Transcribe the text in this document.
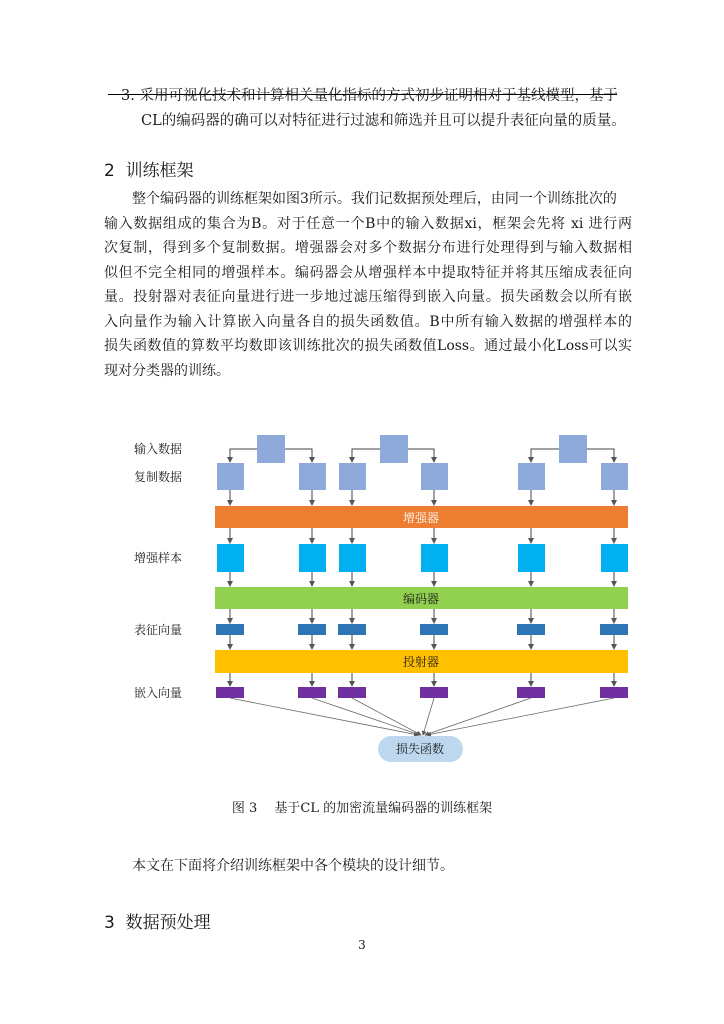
3. 采用可视化技术和计算相关量化指标的方式初步证明相对于基线模型，基于
CL的编码器的确可以对特征进行过滤和筛选并且可以提升表征向量的质量。
2 训练框架

整个编码器的训练框架如图3所示。我们记数据预处理后，由同一个训练批次的

输入数据组成的集合为B。对于任意一个B中的输入数据xi，框架会先将 xi 进行两

次复制，得到多个复制数据。增强器会对多个数据分布进行处理得到与输入数据相

似但不完全相同的增强样本。编码器会从增强样本中提取特征并将其压缩成表征向

量。投射器对表征向量进行进一步地过滤压缩得到嵌入向量。损失函数会以所有嵌

入向量作为输入计算嵌入向量各自的损失函数值。B中所有输入数据的增强样本的

损失函数值的算数平均数即该训练批次的损失函数值Loss。通过最小化Loss可以实

现对分类器的训练。

输入数据
复制数据
增强样本
表征向量
嵌入向量
增强器
编码器
投射器
损失函数
图 3　 基于CL 的加密流量编码器的训练框架
本文在下面将介绍训练框架中各个模块的设计细节。
3 数据预处理
3
